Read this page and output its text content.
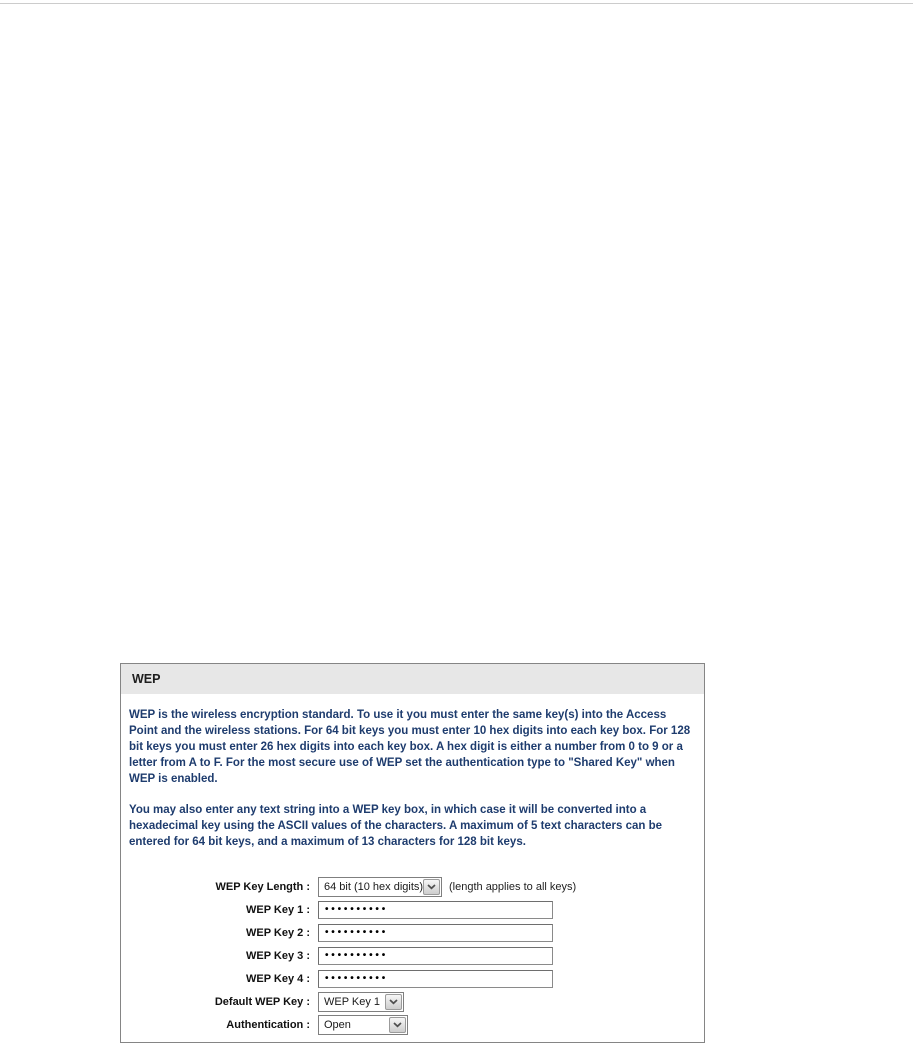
WEP

WEP is the wireless encryption standard. To use it you must enter the same key(s) into the Access Point and the wireless stations. For 64 bit keys you must enter 10 hex digits into each key box. For 128 bit keys you must enter 26 hex digits into each key box. A hex digit is either a number from 0 to 9 or a letter from A to F. For the most secure use of WEP set the authentication type to "Shared Key" when WEP is enabled.

You may also enter any text string into a WEP key box, in which case it will be converted into a hexadecimal key using the ASCII values of the characters. A maximum of 5 text characters can be entered for 64 bit keys, and a maximum of 13 characters for 128 bit keys.

WEP Key Length :	64 bit (10 hex digits)	(length applies to all keys)
WEP Key 1 :
••••••••••
WEP Key 2 :
••••••••••
WEP Key 3 :
••••••••••
WEP Key 4 :
••••••••••
Default WEP Key :	WEP Key 1
Authentication :	Open
